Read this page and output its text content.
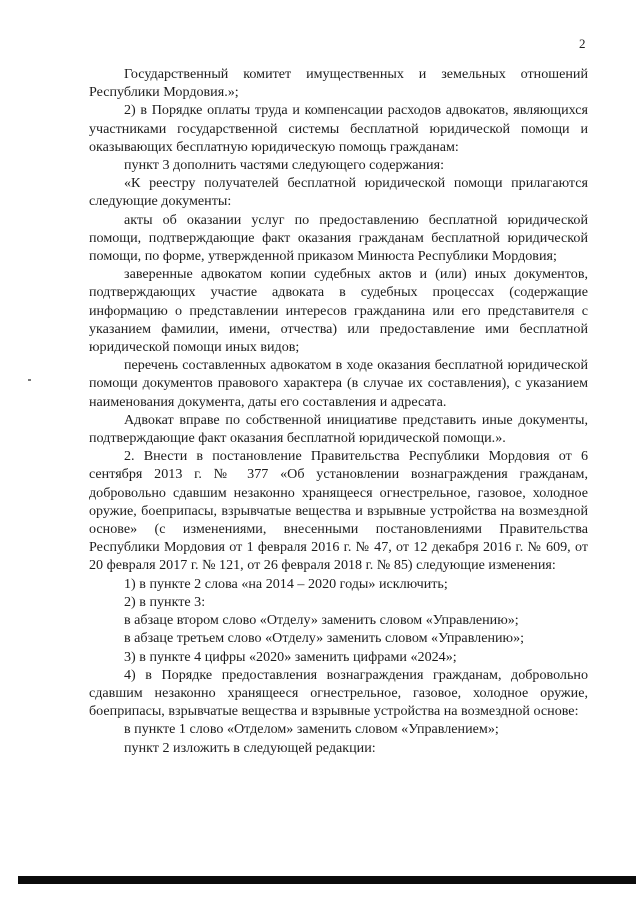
2

Государственный комитет имущественных и земельных отношений Республики Мордовия.»;

2) в Порядке оплаты труда и компенсации расходов адвокатов, являющихся участниками государственной системы бесплатной юридической помощи и оказывающих бесплатную юридическую помощь гражданам:

пункт 3 дополнить частями следующего содержания:

«К реестру получателей бесплатной юридической помощи прилагаются следующие документы:

акты об оказании услуг по предоставлению бесплатной юридической помощи, подтверждающие факт оказания гражданам бесплатной юридической помощи, по форме, утвержденной приказом Минюста Республики Мордовия;

заверенные адвокатом копии судебных актов и (или) иных документов, подтверждающих участие адвоката в судебных процессах (содержащие информацию о представлении интересов гражданина или его представителя с указанием фамилии, имени, отчества) или предоставление ими бесплатной юридической помощи иных видов;

перечень составленных адвокатом в ходе оказания бесплатной юридической помощи документов правового характера (в случае их составления), с указанием наименования документа, даты его составления и адресата.

Адвокат вправе по собственной инициативе представить иные документы, подтверждающие факт оказания бесплатной юридической помощи.».

2. Внести в постановление Правительства Республики Мордовия от 6 сентября 2013 г. № 377 «Об установлении вознаграждения гражданам, добровольно сдавшим незаконно хранящееся огнестрельное, газовое, холодное оружие, боеприпасы, взрывчатые вещества и взрывные устройства на возмездной основе» (с изменениями, внесенными постановлениями Правительства Республики Мордовия от 1 февраля 2016 г. № 47, от 12 декабря 2016 г. № 609, от 20 февраля 2017 г. № 121, от 26 февраля 2018 г. № 85) следующие изменения:

1) в пункте 2 слова «на 2014 – 2020 годы» исключить;

2) в пункте 3:

в абзаце втором слово «Отделу» заменить словом «Управлению»;

в абзаце третьем слово «Отделу» заменить словом «Управлению»;

3) в пункте 4 цифры «2020» заменить цифрами «2024»;

4) в Порядке предоставления вознаграждения гражданам, добровольно сдавшим незаконно хранящееся огнестрельное, газовое, холодное оружие, боеприпасы, взрывчатые вещества и взрывные устройства на возмездной основе:

в пункте 1 слово «Отделом» заменить словом «Управлением»;

пункт 2 изложить в следующей редакции:
